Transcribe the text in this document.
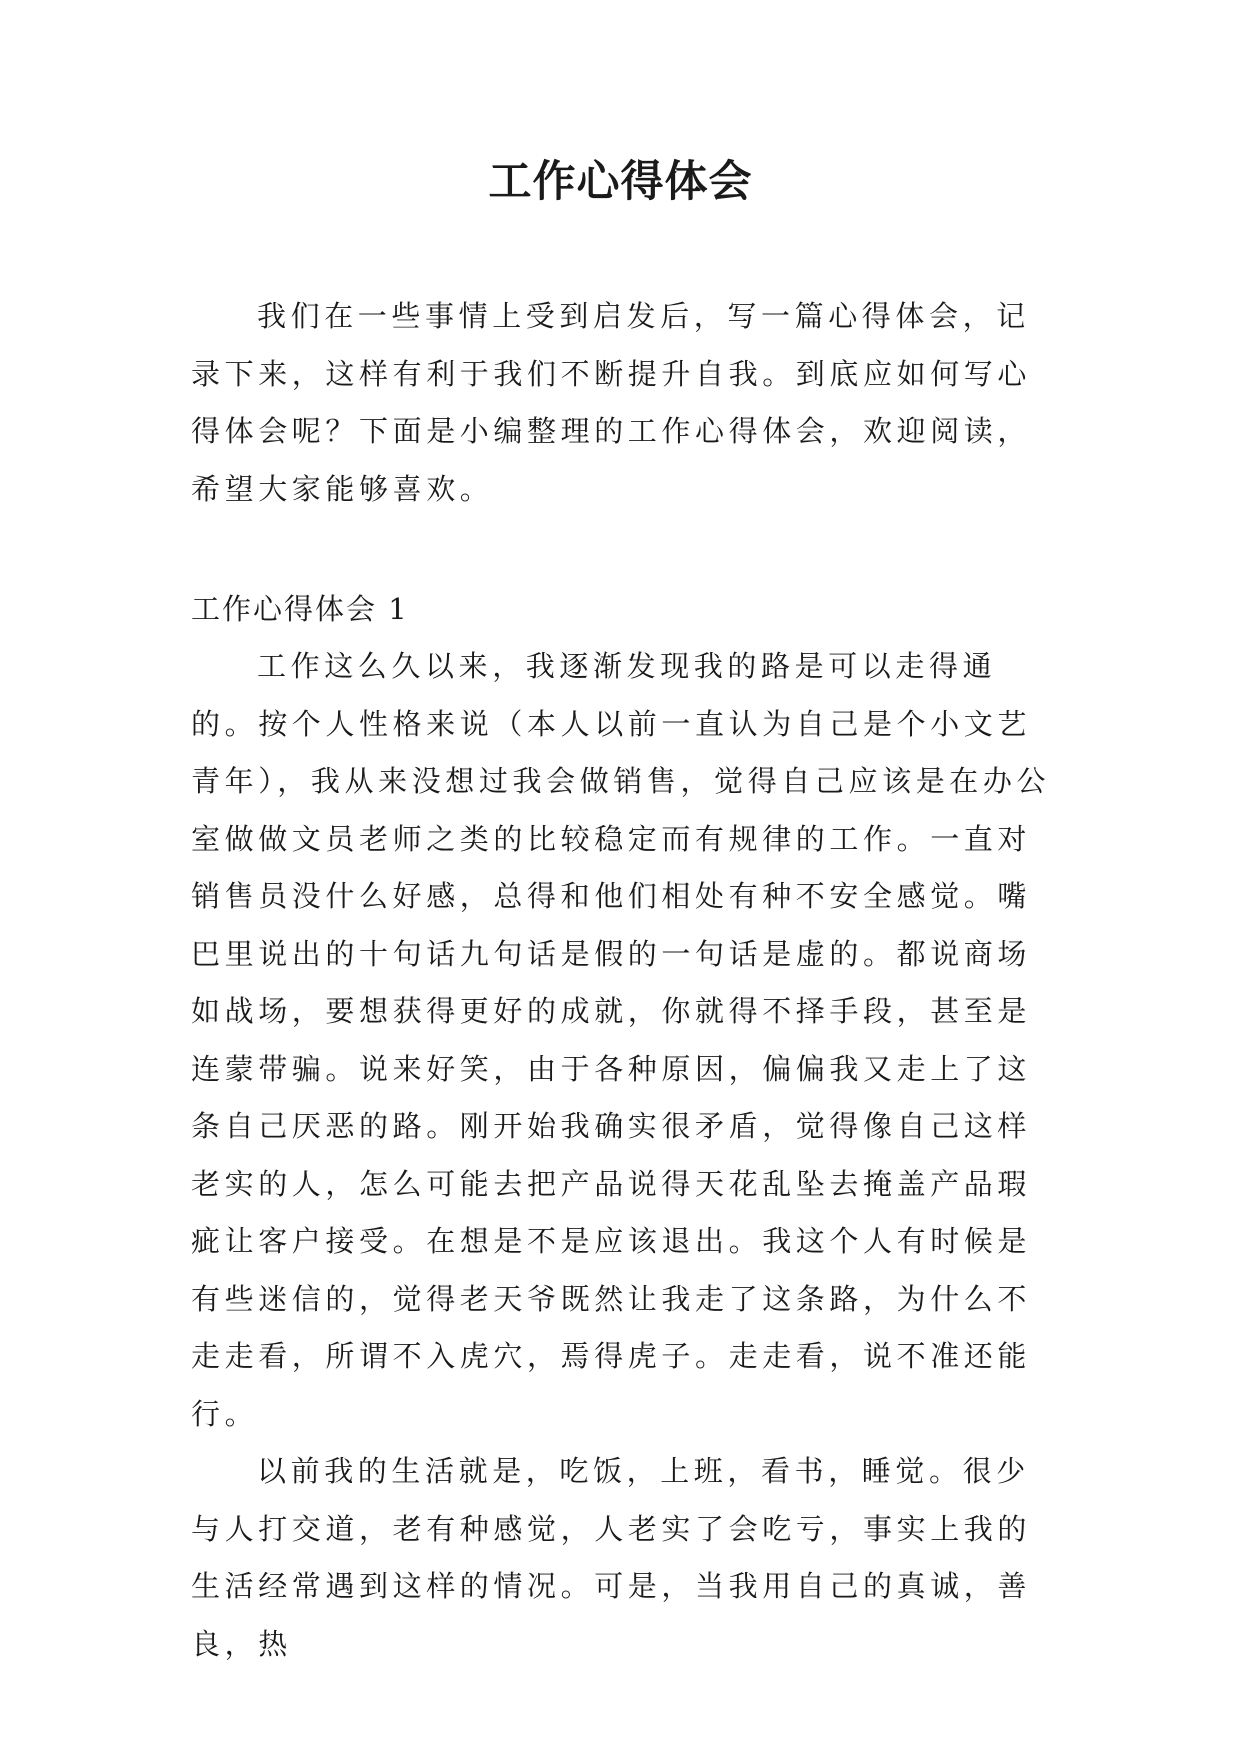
工作心得体会

我们在一些事情上受到启发后，写一篇心得体会，记录下来，这样有利于我们不断提升自我。到底应如何写心得体会呢？下面是小编整理的工作心得体会，欢迎阅读，希望大家能够喜欢。

工作心得体会 1

工作这么久以来，我逐渐发现我的路是可以走得通的。按个人性格来说（本人以前一直认为自己是个小文艺青年），我从来没想过我会做销售，觉得自己应该是在办公室做做文员老师之类的比较稳定而有规律的工作。一直对销售员没什么好感，总得和他们相处有种不安全感觉。嘴巴里说出的十句话九句话是假的一句话是虚的。都说商场如战场，要想获得更好的成就，你就得不择手段，甚至是连蒙带骗。说来好笑，由于各种原因，偏偏我又走上了这条自己厌恶的路。刚开始我确实很矛盾，觉得像自己这样老实的人，怎么可能去把产品说得天花乱坠去掩盖产品瑕疵让客户接受。在想是不是应该退出。我这个人有时候是有些迷信的，觉得老天爷既然让我走了这条路，为什么不走走看，所谓不入虎穴，焉得虎子。走走看，说不准还能行。

以前我的生活就是，吃饭，上班，看书，睡觉。很少与人打交道，老有种感觉，人老实了会吃亏，事实上我的生活经常遇到这样的情况。可是，当我用自己的真诚，善良，热
